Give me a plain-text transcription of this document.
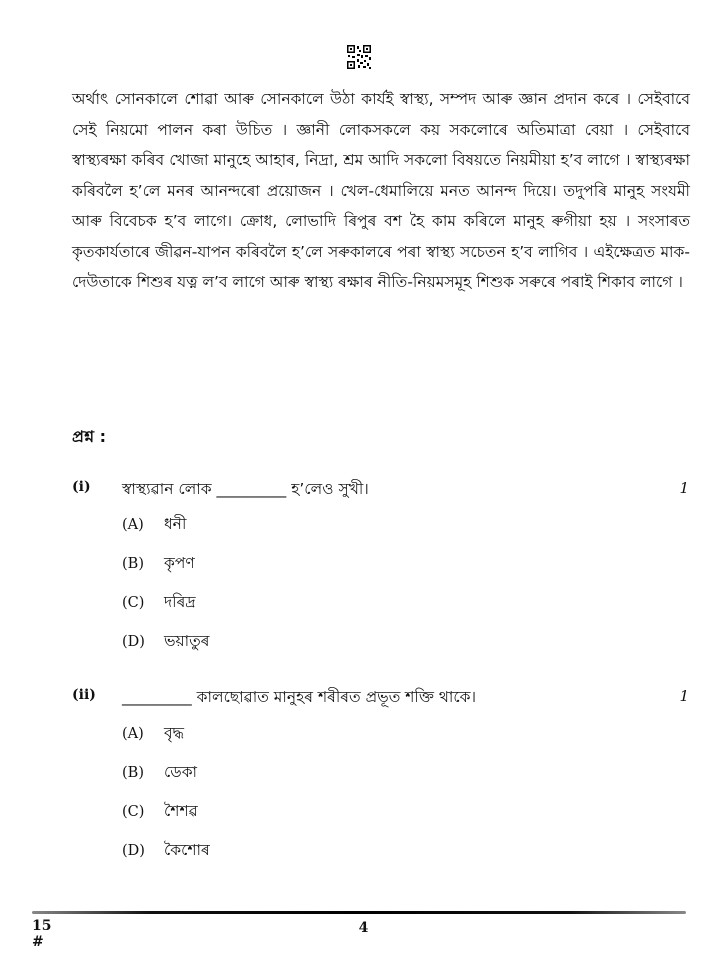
অৰ্থাৎ সোনকালে শোৱা আৰু সোনকালে উঠা কাৰ্যই স্বাস্থ্য, সম্পদ আৰু জ্ঞান প্ৰদান কৰে । সেইবাবে সেই নিয়মো পালন কৰা উচিত । জ্ঞানী লোকসকলে কয় সকলোৰে অতিমাত্ৰা বেয়া । সেইবাবে স্বাস্থ্যৰক্ষা কৰিব খোজা মানুহে আহাৰ, নিদ্ৰা, শ্ৰম আদি সকলো বিষয়তে নিয়মীয়া হ’ব লাগে । স্বাস্থ্যৰক্ষা কৰিবলৈ হ’লে মনৰ আনন্দৰো প্ৰয়োজন । খেল-ধেমালিয়ে মনত আনন্দ দিয়ে। তদুপৰি মানুহ সংযমী আৰু বিবেচক হ’ব লাগে। ক্ৰোধ, লোভাদি ৰিপুৰ বশ হৈ কাম কৰিলে মানুহ ৰুগীয়া হয় । সংসাৰত কৃতকাৰ্যতাৰে জীৱন-যাপন কৰিবলৈ হ’লে সৰুকালৰে পৰা স্বাস্থ্য সচেতন হ’ব লাগিব । এইক্ষেত্ৰত মাক-দেউতাকে শিশুৰ যত্ন ল’ব লাগে আৰু স্বাস্থ্য ৰক্ষাৰ নীতি-নিয়মসমূহ শিশুক সৰুৰে পৰাই শিকাব লাগে ।

প্ৰশ্ন :

(i) স্বাস্থ্যৱান লোক _________ হ’লেও সুখী।	1
(A)	ধনী
(B)	কৃপণ
(C)	দৰিদ্ৰ
(D)	ভয়াতুৰ
(ii) _________ কালছোৱাত মানুহৰ শৰীৰত প্ৰভূত শক্তি থাকে।	1
(A)	বৃদ্ধ
(B)	ডেকা
(C)	শৈশৱ
(D)	কৈশোৰ
15
#
4
